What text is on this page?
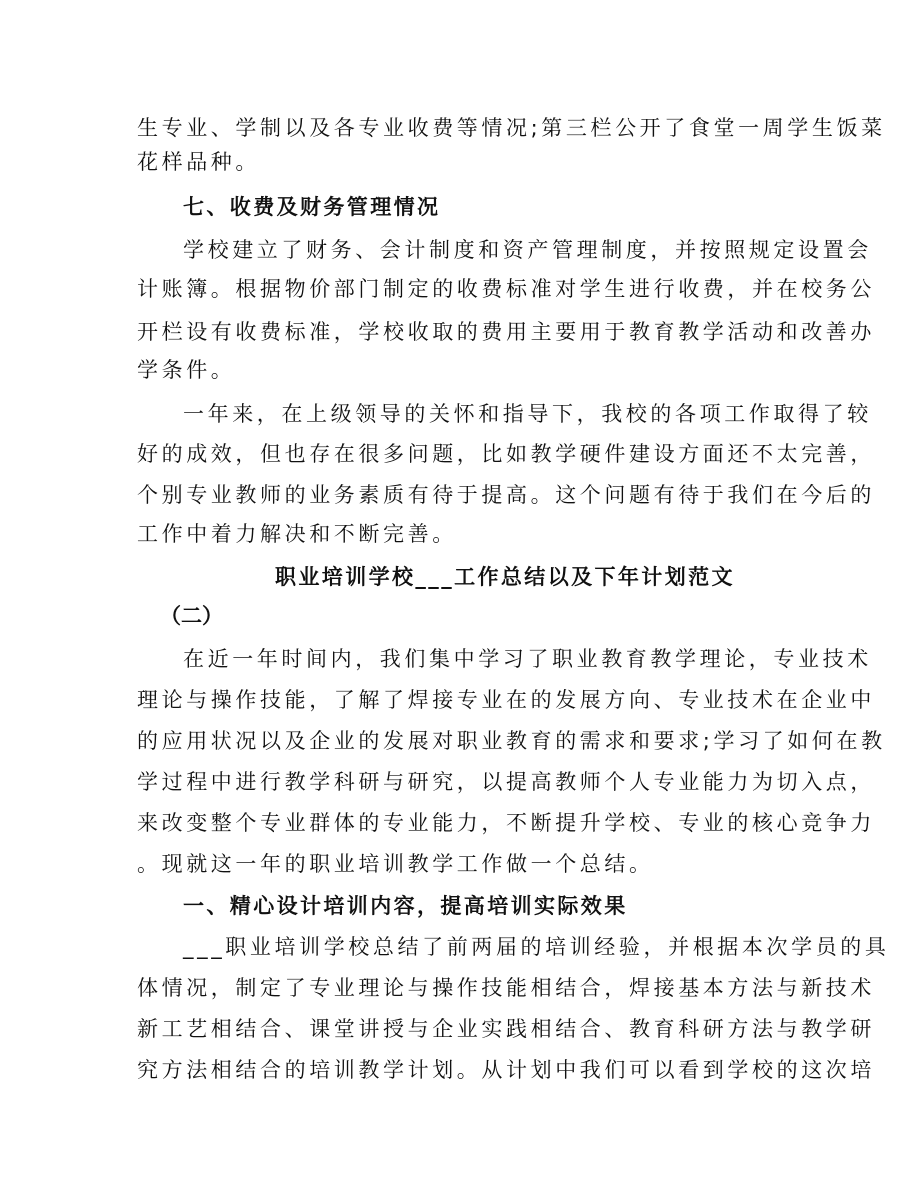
生专业、学制以及各专业收费等情况;第三栏公开了食堂一周学生饭菜
花样品种。
七、收费及财务管理情况
学校建立了财务、会计制度和资产管理制度，并按照规定设置会
计账簿。根据物价部门制定的收费标准对学生进行收费，并在校务公
开栏设有收费标准，学校收取的费用主要用于教育教学活动和改善办
学条件。
一年来，在上级领导的关怀和指导下，我校的各项工作取得了较
好的成效，但也存在很多问题，比如教学硬件建设方面还不太完善，
个别专业教师的业务素质有待于提高。这个问题有待于我们在今后的
工作中着力解决和不断完善。
职业培训学校___工作总结以及下年计划范文
（二）
在近一年时间内，我们集中学习了职业教育教学理论，专业技术
理论与操作技能，了解了焊接专业在的发展方向、专业技术在企业中
的应用状况以及企业的发展对职业教育的需求和要求;学习了如何在教
学过程中进行教学科研与研究，以提高教师个人专业能力为切入点，
来改变整个专业群体的专业能力，不断提升学校、专业的核心竞争力
。现就这一年的职业培训教学工作做一个总结。
一、精心设计培训内容，提高培训实际效果
___职业培训学校总结了前两届的培训经验，并根据本次学员的具
体情况，制定了专业理论与操作技能相结合，焊接基本方法与新技术
新工艺相结合、课堂讲授与企业实践相结合、教育科研方法与教学研
究方法相结合的培训教学计划。从计划中我们可以看到学校的这次培
